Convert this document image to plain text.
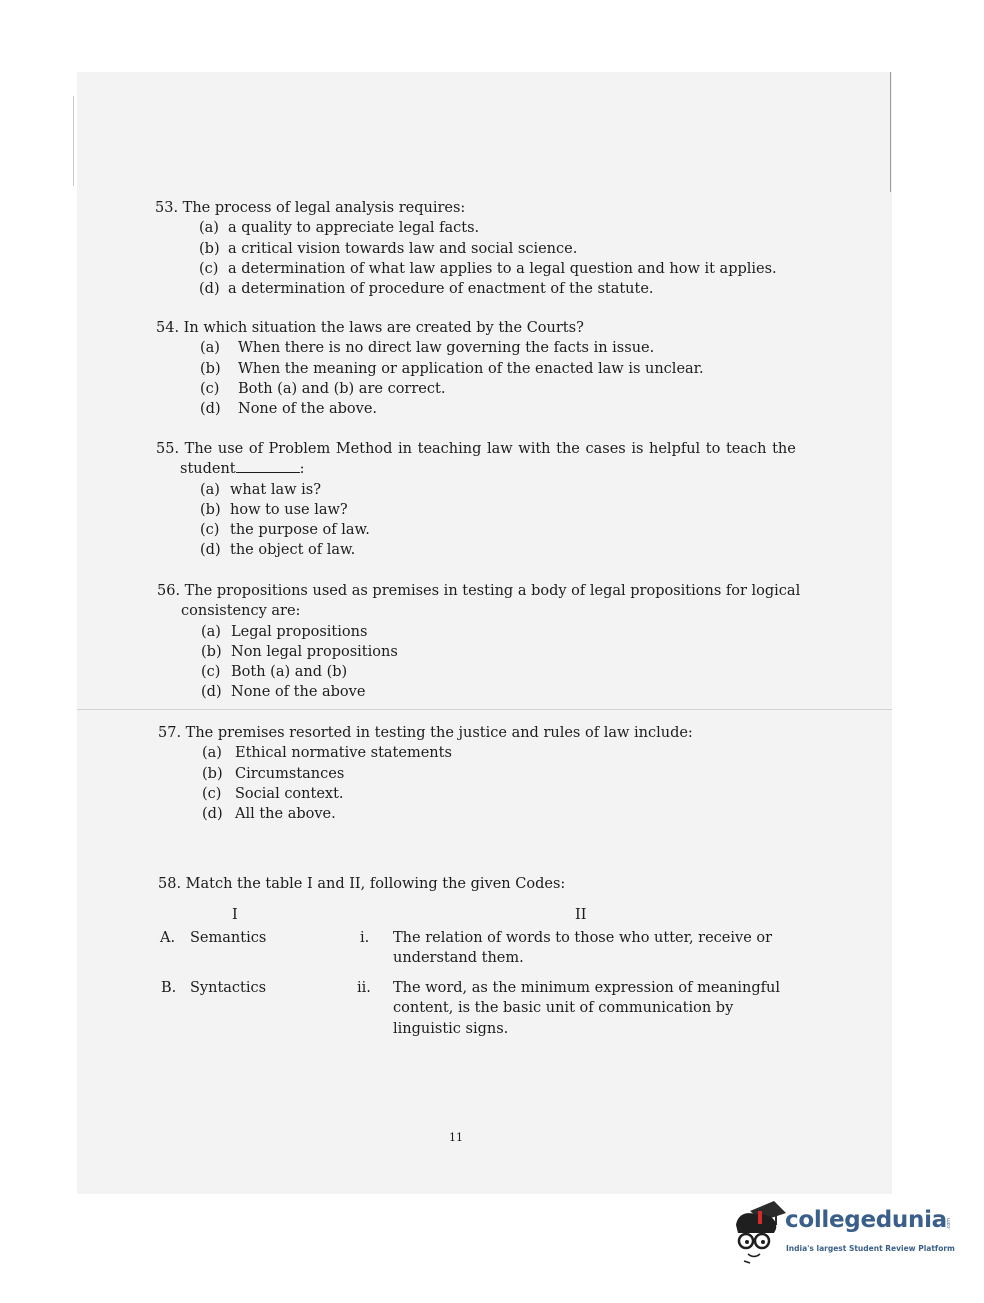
53. The process of legal analysis requires:
(a) a quality to appreciate legal facts.
(b) a critical vision towards law and social science.
(c) a determination of what law applies to a legal question and how it applies.
(d) a determination of procedure of enactment of the statute.
54. In which situation the laws are created by the Courts?
(a) When there is no direct law governing the facts in issue.
(b) When the meaning or application of the enacted law is unclear.
(c) Both (a) and (b) are correct.
(d) None of the above.
55. The use of Problem Method in teaching law with the cases is helpful to teach the
student	:
(a) what law is?
(b) how to use law?
(c) the purpose of law.
(d) the object of law.
56. The propositions used as premises in testing a body of legal propositions for logical
consistency are:
(a) Legal propositions
(b) Non legal propositions
(c) Both (a) and (b)
(d) None of the above
57. The premises resorted in testing the justice and rules of law include:
(a) Ethical normative statements
(b) Circumstances
(c) Social context.
(d) All the above.
58. Match the table I and II, following the given Codes:
I	II
A. Semantics	i. The relation of words to those who utter, receive or understand them.
B. Syntactics	ii. The word, as the minimum expression of meaningful content, is the basic unit of communication by linguistic signs.
11
collegedunia .com
India's largest Student Review Platform
